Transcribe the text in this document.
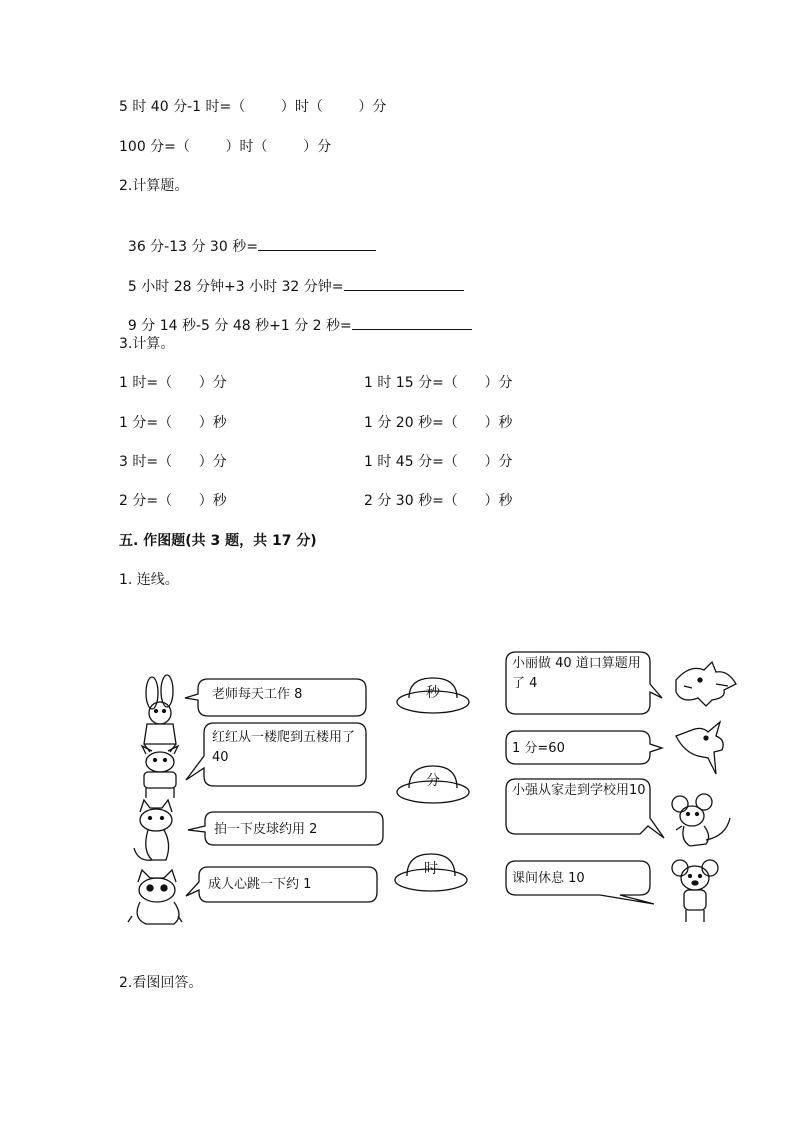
5 时 40 分-1 时=（        ）时（        ）分
100 分=（        ）时（        ）分
2.计算题。

36 分-13 分 30 秒=

5 小时 28 分钟+3 小时 32 分钟=

9 分 14 秒-5 分 48 秒+1 分 2 秒=

3.计算。
1 时=（      ）分	1 时 15 分=（      ）分
1 分=（      ）秒	1 分 20 秒=（      ）秒
3 时=（      ）分	1 时 45 分=（      ）分
2 分=（      ）秒	2 分 30 秒=（      ）秒
五. 作图题(共 3 题，共 17 分)
1. 连线。
老师每天工作 8
红红从一楼爬到五楼用了 40
拍一下皮球约用 2
成人心跳一下约 1
秒
分
时
小丽做 40 道口算题用了 4
1 分=60
小强从家走到学校用10
课间休息 10
2.看图回答。
